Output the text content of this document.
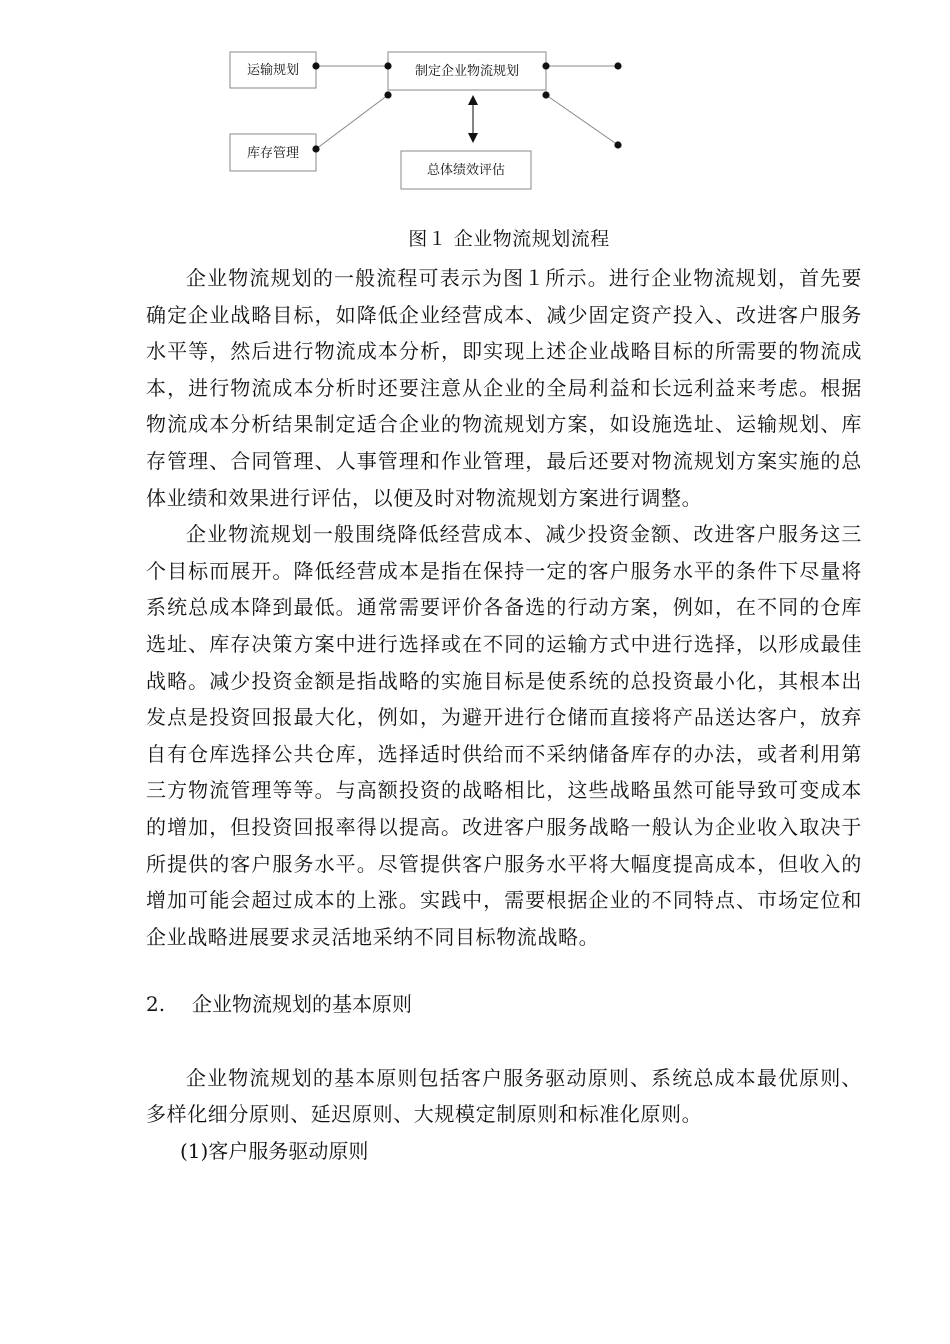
运输规划	制定企业物流规划
库存管理
总体绩效评估
图１ 企业物流规划流程

企业物流规划的一般流程可表示为图１所示。进行企业物流规划，首先要确定企业战略目标，如降低企业经营成本、减少固定资产投入、改进客户服务水平等，然后进行物流成本分析，即实现上述企业战略目标的所需要的物流成本，进行物流成本分析时还要注意从企业的全局利益和长远利益来考虑。根据物流成本分析结果制定适合企业的物流规划方案，如设施选址、运输规划、库存管理、合同管理、人事管理和作业管理，最后还要对物流规划方案实施的总体业绩和效果进行评估，以便及时对物流规划方案进行调整。

企业物流规划一般围绕降低经营成本、减少投资金额、改进客户服务这三个目标而展开。降低经营成本是指在保持一定的客户服务水平的条件下尽量将系统总成本降到最低。通常需要评价各备选的行动方案，例如，在不同的仓库选址、库存决策方案中进行选择或在不同的运输方式中进行选择，以形成最佳战略。减少投资金额是指战略的实施目标是使系统的总投资最小化，其根本出发点是投资回报最大化，例如，为避开进行仓储而直接将产品送达客户，放弃自有仓库选择公共仓库，选择适时供给而不采纳储备库存的办法，或者利用第三方物流管理等等。与高额投资的战略相比，这些战略虽然可能导致可变成本的增加，但投资回报率得以提高。改进客户服务战略一般认为企业收入取决于所提供的客户服务水平。尽管提供客户服务水平将大幅度提高成本，但收入的增加可能会超过成本的上涨。实践中，需要根据企业的不同特点、市场定位和企业战略进展要求灵活地采纳不同目标物流战略。

2. 企业物流规划的基本原则

企业物流规划的基本原则包括客户服务驱动原则、系统总成本最优原则、多样化细分原则、延迟原则、大规模定制原则和标准化原则。

(1)客户服务驱动原则
